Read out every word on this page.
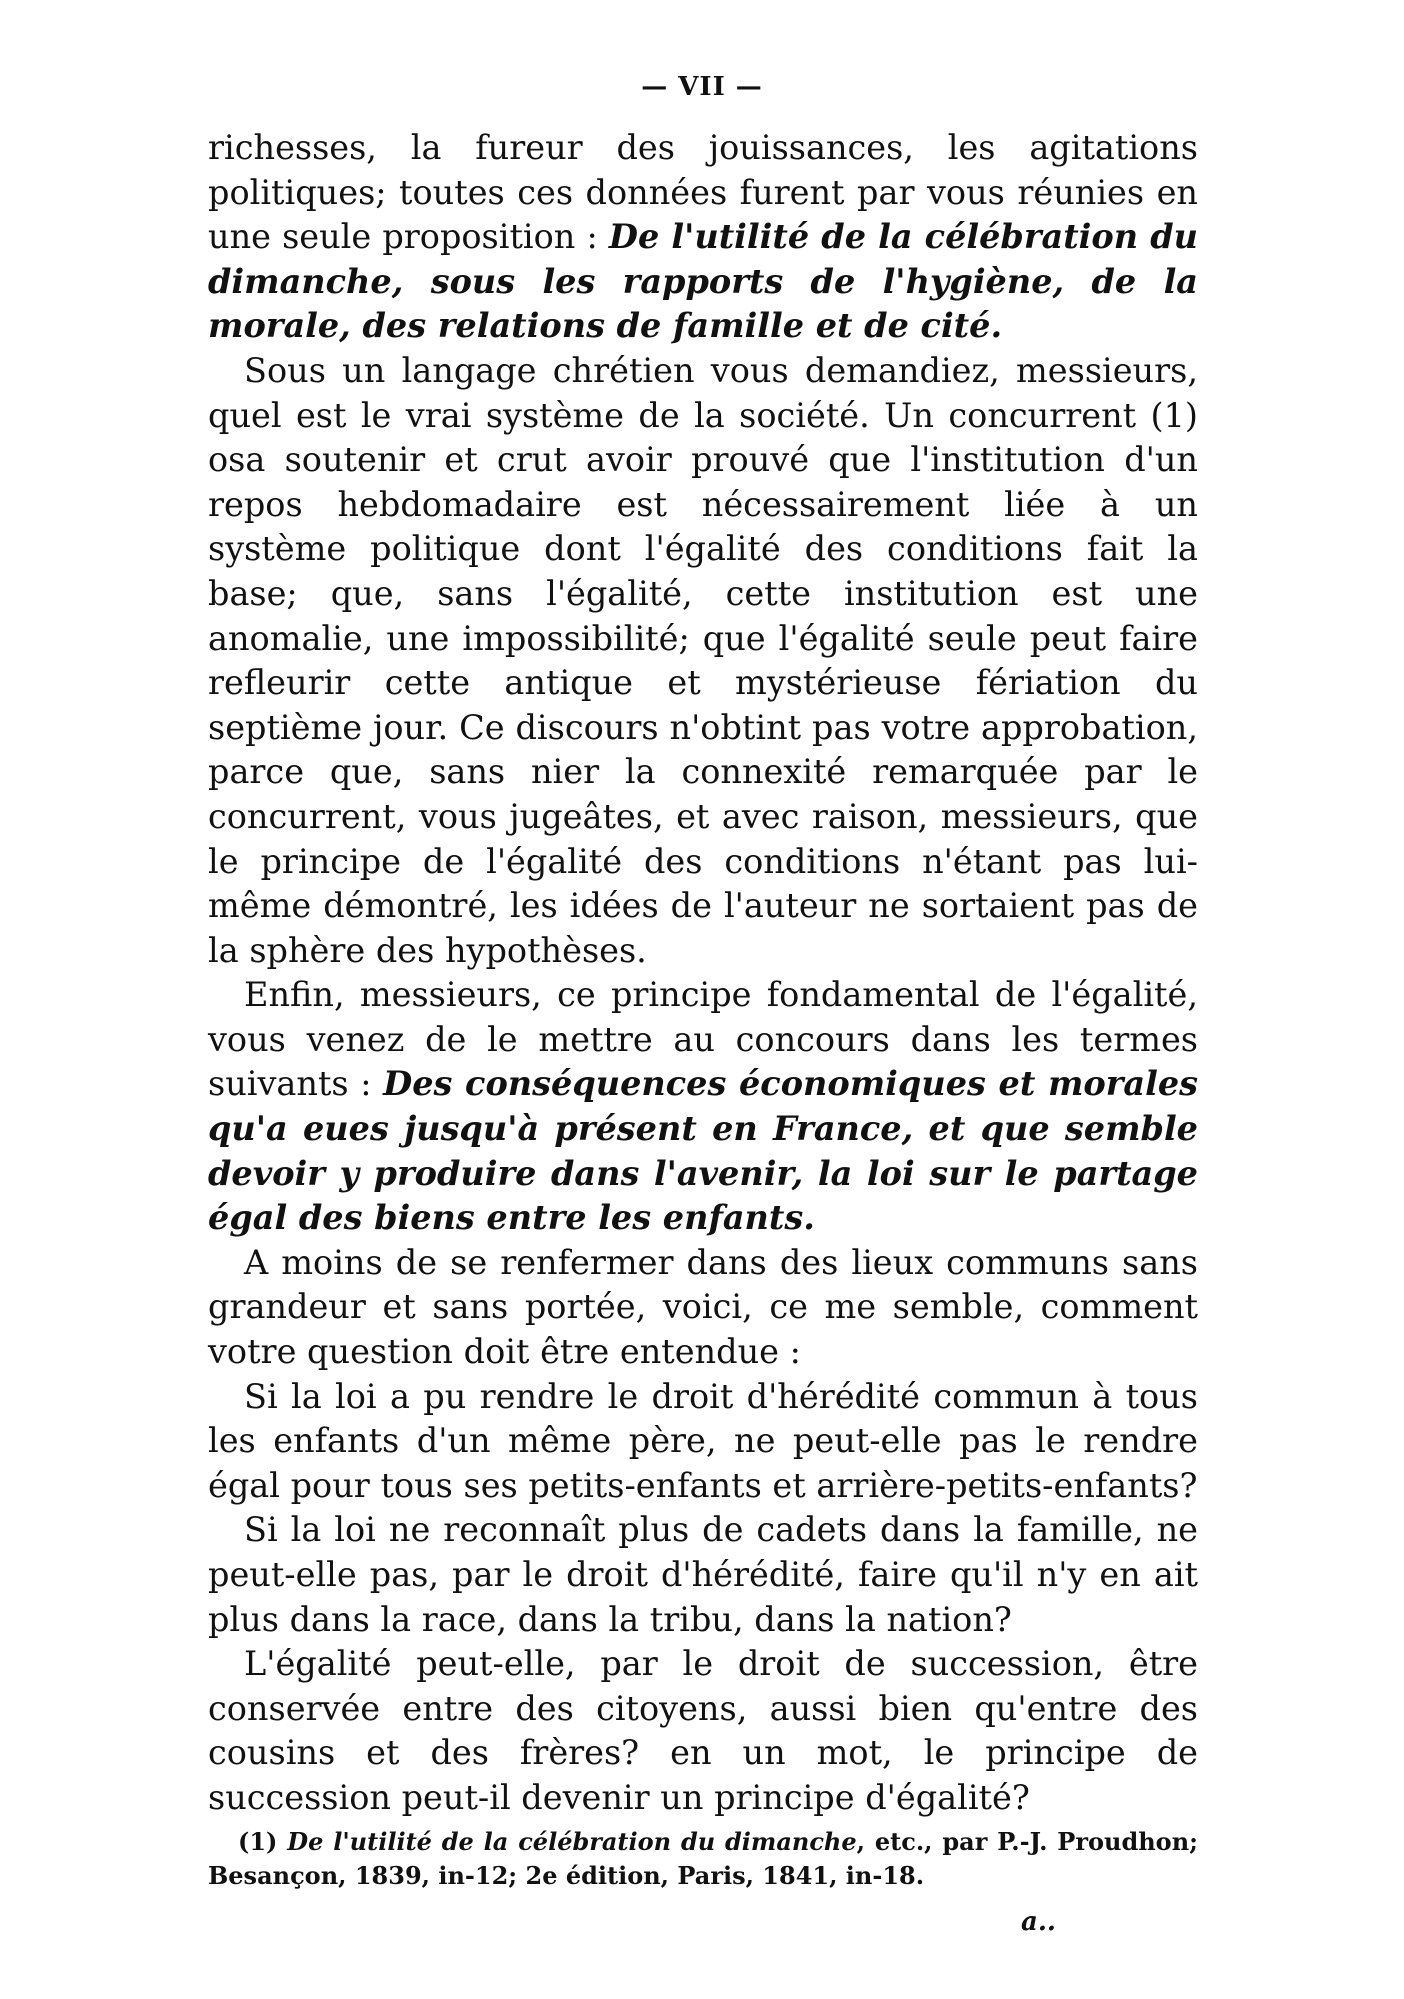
— VII —

richesses, la fureur des jouissances, les agitations politiques; toutes ces données furent par vous réunies en une seule proposition : De l'utilité de la célébration du dimanche, sous les rapports de l'hygiène, de la morale, des relations de famille et de cité.

Sous un langage chrétien vous demandiez, messieurs, quel est le vrai système de la société. Un concurrent (1) osa soutenir et crut avoir prouvé que l'institution d'un repos hebdomadaire est nécessairement liée à un système politique dont l'égalité des conditions fait la base; que, sans l'égalité, cette institution est une anomalie, une impossibilité; que l'égalité seule peut faire refleurir cette antique et mystérieuse fériation du septième jour. Ce discours n'obtint pas votre approbation, parce que, sans nier la connexité remarquée par le concurrent, vous jugeâtes, et avec raison, messieurs, que le principe de l'égalité des conditions n'étant pas lui-même démontré, les idées de l'auteur ne sortaient pas de la sphère des hypothèses.

Enfin, messieurs, ce principe fondamental de l'égalité, vous venez de le mettre au concours dans les termes suivants : Des conséquences économiques et morales qu'a eues jusqu'à présent en France, et que semble devoir y produire dans l'avenir, la loi sur le partage égal des biens entre les enfants.

A moins de se renfermer dans des lieux communs sans grandeur et sans portée, voici, ce me semble, comment votre question doit être entendue :

Si la loi a pu rendre le droit d'hérédité commun à tous les enfants d'un même père, ne peut-elle pas le rendre égal pour tous ses petits-enfants et arrière-petits-enfants?

Si la loi ne reconnaît plus de cadets dans la famille, ne peut-elle pas, par le droit d'hérédité, faire qu'il n'y en ait plus dans la race, dans la tribu, dans la nation?

L'égalité peut-elle, par le droit de succession, être conservée entre des citoyens, aussi bien qu'entre des cousins et des frères? en un mot, le principe de succession peut-il devenir un principe d'égalité?

(1) De l'utilité de la célébration du dimanche, etc., par P.-J. Proudhon; Besançon, 1839, in-12; 2e édition, Paris, 1841, in-18.
a..
